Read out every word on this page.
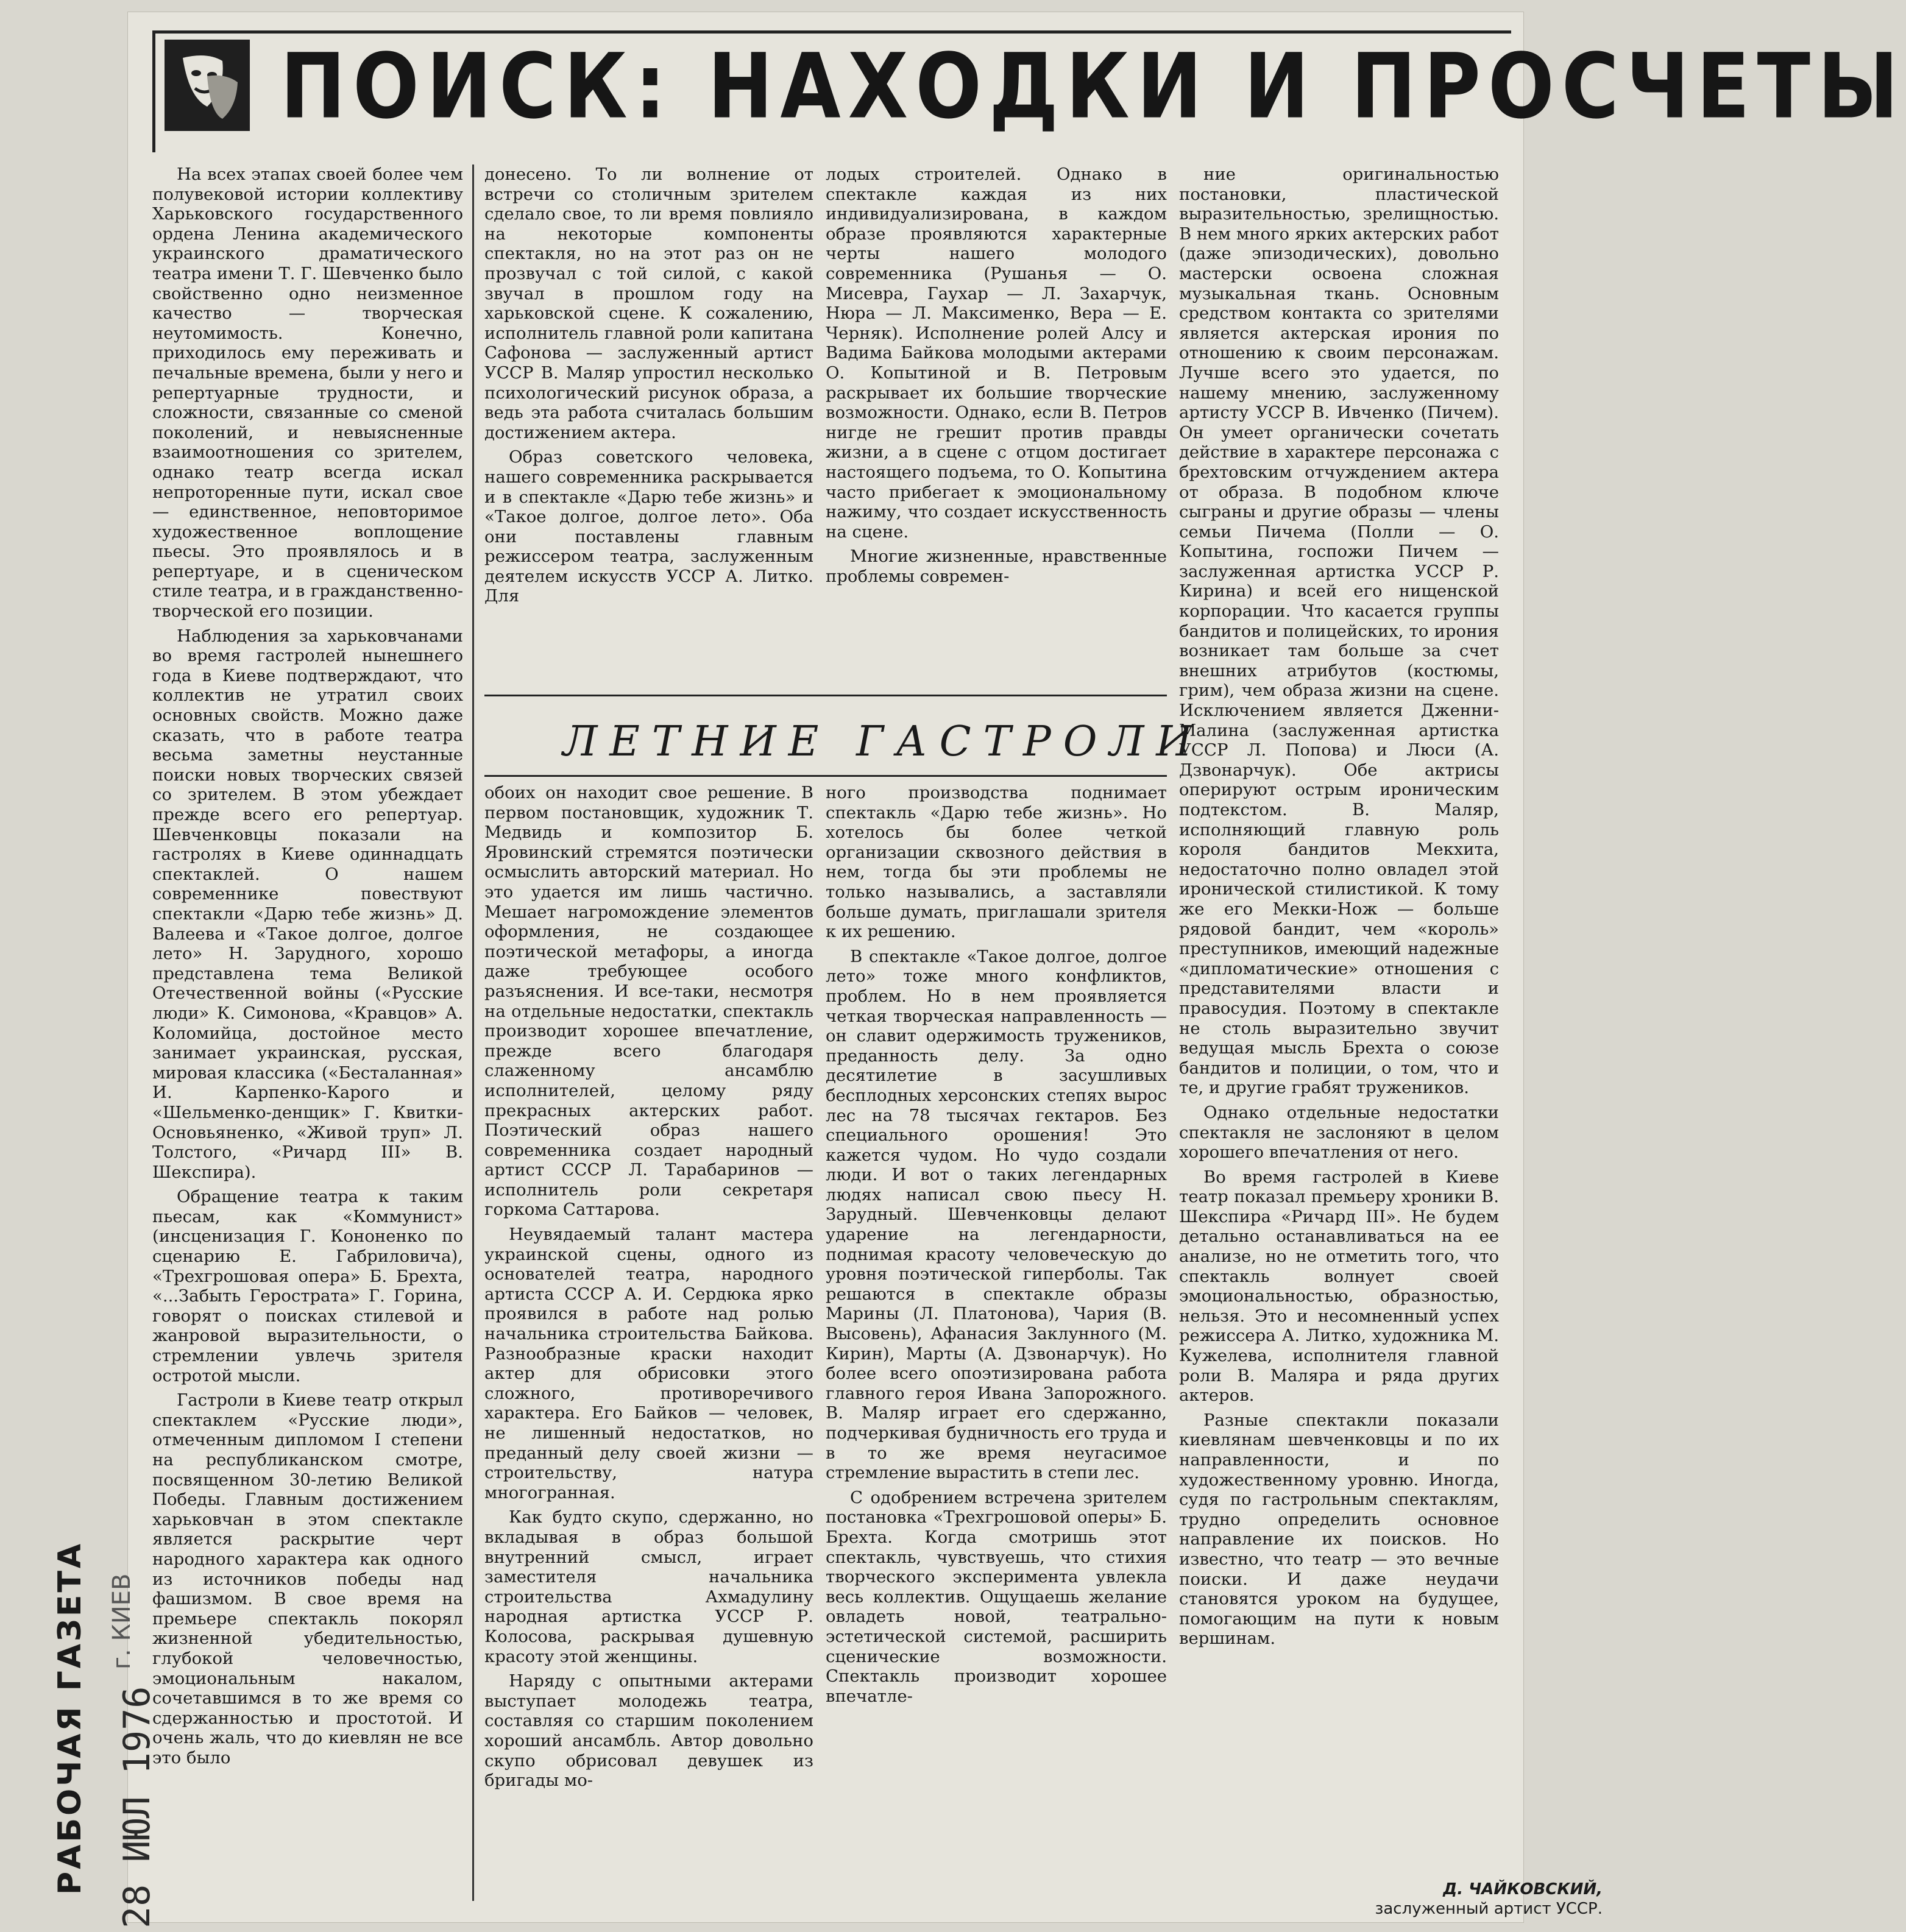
ПОИСК: НАХОДКИ И ПРОСЧЕТЫ

На всех этапах своей более чем полувековой истории коллективу Харьковского государственного ордена Ленина академического украинского драматического театра имени Т. Г. Шевченко было свойственно одно неизменное качество — творческая неутомимость. Конечно, приходилось ему переживать и печальные времена, были у него и репертуарные трудности, и сложности, связанные со сменой поколений, и невыясненные взаимоотношения со зрителем, однако театр всегда искал непроторенные пути, искал свое — единственное, неповторимое художественное воплощение пьесы. Это проявлялось и в репертуаре, и в сценическом стиле театра, и в гражданственно-творческой его позиции.

Наблюдения за харьковчанами во время гастролей нынешнего года в Киеве подтверждают, что коллектив не утратил своих основных свойств. Можно даже сказать, что в работе театра весьма заметны неустанные поиски новых творческих связей со зрителем. В этом убеждает прежде всего его репертуар. Шевченковцы показали на гастролях в Киеве одиннадцать спектаклей. О нашем современнике повествуют спектакли «Дарю тебе жизнь» Д. Валеева и «Такое долгое, долгое лето» Н. Зарудного, хорошо представлена тема Великой Отечественной войны («Русские люди» К. Симонова, «Кравцов» А. Коломийца, достойное место занимает украинская, русская, мировая классика («Бесталанная» И. Карпенко-Карого и «Шельменко-денщик» Г. Квитки-Основьяненко, «Живой труп» Л. Толстого, «Ричард III» В. Шекспира).

Обращение театра к таким пьесам, как «Коммунист» (инсценизация Г. Кононенко по сценарию Е. Габриловича), «Трехгрошовая опера» Б. Брехта, «...Забыть Герострата» Г. Горина, говорят о поисках стилевой и жанровой выразительности, о стремлении увлечь зрителя остротой мысли.

Гастроли в Киеве театр открыл спектаклем «Русские люди», отмеченным дипломом I степени на республиканском смотре, посвященном 30-летию Великой Победы. Главным достижением харьковчан в этом спектакле является раскрытие черт народного характера как одного из источников победы над фашизмом. В свое время на премьере спектакль покорял жизненной убедительностью, глубокой человечностью, эмоциональным накалом, сочетавшимся в то же время со сдержанностью и простотой. И очень жаль, что до киевлян не все это было

донесено. То ли волнение от встречи со столичным зрителем сделало свое, то ли время повлияло на некоторые компоненты спектакля, но на этот раз он не прозвучал с той силой, с какой звучал в прошлом году на харьковской сцене. К сожалению, исполнитель главной роли капитана Сафонова — заслуженный артист УССР В. Маляр упростил несколько психологический рисунок образа, а ведь эта работа считалась большим достижением актера.

Образ советского человека, нашего современника раскрывается и в спектакле «Дарю тебе жизнь» и «Такое долгое, долгое лето». Оба они поставлены главным режиссером театра, заслуженным деятелем искусств УССР А. Литко. Для

лодых строителей. Однако в спектакле каждая из них индивидуализирована, в каждом образе проявляются характерные черты нашего молодого современника (Рушанья — О. Мисевра, Гаухар — Л. Захарчук, Нюра — Л. Максименко, Вера — Е. Черняк). Исполнение ролей Алсу и Вадима Байкова молодыми актерами О. Копытиной и В. Петровым раскрывает их большие творческие возможности. Однако, если В. Петров нигде не грешит против правды жизни, а в сцене с отцом достигает настоящего подъема, то О. Копытина часто прибегает к эмоциональному нажиму, что создает искусственность на сцене.

Многие жизненные, нравственные проблемы современ-

ЛЕТНИЕ ГАСТРОЛИ

обоих он находит свое решение. В первом постановщик, художник Т. Медвидь и композитор Б. Яровинский стремятся поэтически осмыслить авторский материал. Но это удается им лишь частично. Мешает нагромождение элементов оформления, не создающее поэтической метафоры, а иногда даже требующее особого разъяснения. И все-таки, несмотря на отдельные недостатки, спектакль производит хорошее впечатление, прежде всего благодаря слаженному ансамблю исполнителей, целому ряду прекрасных актерских работ. Поэтический образ нашего современника создает народный артист СССР Л. Тарабаринов — исполнитель роли секретаря горкома Саттарова.

Неувядаемый талант мастера украинской сцены, одного из основателей театра, народного артиста СССР А. И. Сердюка ярко проявился в работе над ролью начальника строительства Байкова. Разнообразные краски находит актер для обрисовки этого сложного, противоречивого характера. Его Байков — человек, не лишенный недостатков, но преданный делу своей жизни — строительству, натура многогранная.

Как будто скупо, сдержанно, но вкладывая в образ большой внутренний смысл, играет заместителя начальника строительства Ахмадулину народная артистка УССР Р. Колосова, раскрывая душевную красоту этой женщины.

Наряду с опытными актерами выступает молодежь театра, составляя со старшим поколением хороший ансамбль. Автор довольно скупо обрисовал девушек из бригады мо-

ного производства поднимает спектакль «Дарю тебе жизнь». Но хотелось бы более четкой организации сквозного действия в нем, тогда бы эти проблемы не только назывались, а заставляли больше думать, приглашали зрителя к их решению.

В спектакле «Такое долгое, долгое лето» тоже много конфликтов, проблем. Но в нем проявляется четкая творческая направленность — он славит одержимость тружеников, преданность делу. За одно десятилетие в засушливых бесплодных херсонских степях вырос лес на 78 тысячах гектаров. Без специального орошения! Это кажется чудом. Но чудо создали люди. И вот о таких легендарных людях написал свою пьесу Н. Зарудный. Шевченковцы делают ударение на легендарности, поднимая красоту человеческую до уровня поэтической гиперболы. Так решаются в спектакле образы Марины (Л. Платонова), Чария (В. Высовень), Афанасия Заклунного (М. Кирин), Марты (А. Дзвонарчук). Но более всего опоэтизирована работа главного героя Ивана Запорожного. В. Маляр играет его сдержанно, подчеркивая будничность его труда и в то же время неугасимое стремление вырастить в степи лес.

С одобрением встречена зрителем постановка «Трехгрошовой оперы» Б. Брехта. Когда смотришь этот спектакль, чувствуешь, что стихия творческого эксперимента увлекла весь коллектив. Ощущаешь желание овладеть новой, театрально-эстетической системой, расширить сценические возможности. Спектакль производит хорошее впечатле-

ние оригинальностью постановки, пластической выразительностью, зрелищностью. В нем много ярких актерских работ (даже эпизодических), довольно мастерски освоена сложная музыкальная ткань. Основным средством контакта со зрителями является актерская ирония по отношению к своим персонажам. Лучше всего это удается, по нашему мнению, заслуженному артисту УССР В. Ивченко (Пичем). Он умеет органически сочетать действие в характере персонажа с брехтовским отчуждением актера от образа. В подобном ключе сыграны и другие образы — члены семьи Пичема (Полли — О. Копытина, госпожи Пичем — заслуженная артистка УССР Р. Кирина) и всей его нищенской корпорации. Что касается группы бандитов и полицейских, то ирония возникает там больше за счет внешних атрибутов (костюмы, грим), чем образа жизни на сцене. Исключением является Дженни-Малина (заслуженная артистка УССР Л. Попова) и Люси (А. Дзвонарчук). Обе актрисы оперируют острым ироническим подтекстом. В. Маляр, исполняющий главную роль короля бандитов Мекхита, недостаточно полно овладел этой иронической стилистикой. К тому же его Мекки-Нож — больше рядовой бандит, чем «король» преступников, имеющий надежные «дипломатические» отношения с представителями власти и правосудия. Поэтому в спектакле не столь выразительно звучит ведущая мысль Брехта о союзе бандитов и полиции, о том, что и те, и другие грабят тружеников.

Однако отдельные недостатки спектакля не заслоняют в целом хорошего впечатления от него.

Во время гастролей в Киеве театр показал премьеру хроники В. Шекспира «Ричард III». Не будем детально останавливаться на ее анализе, но не отметить того, что спектакль волнует своей эмоциональностью, образностью, нельзя. Это и несомненный успех режиссера А. Литко, художника М. Кужелева, исполнителя главной роли В. Маляра и ряда других актеров.

Разные спектакли показали киевлянам шевченковцы и по их направленности, и по художественному уровню. Иногда, судя по гастрольным спектаклям, трудно определить основное направление их поисков. Но известно, что театр — это вечные поиски. И даже неудачи становятся уроком на будущее, помогающим на пути к новым вершинам.

Д. ЧАЙКОВСКИЙ,
заслуженный артист УССР.
РАБОЧАЯ ГАЗЕТА г. КИЕВ
28 ИЮЛ 1976
